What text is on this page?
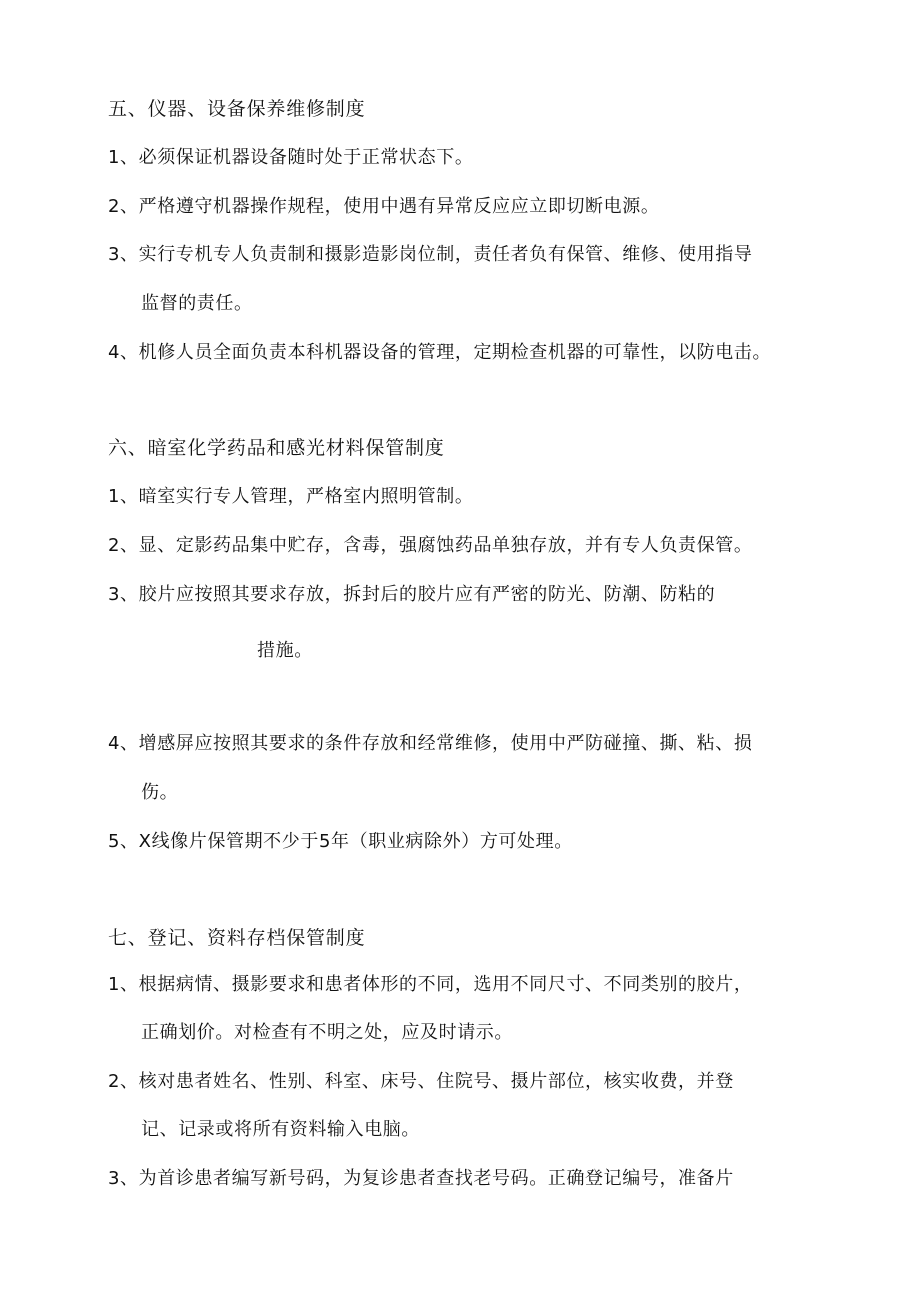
五、仪器、设备保养维修制度
1、必须保证机器设备随时处于正常状态下。
2、严格遵守机器操作规程，使用中遇有异常反应应立即切断电源。
3、实行专机专人负责制和摄影造影岗位制，责任者负有保管、维修、使用指导
监督的责任。
4、机修人员全面负责本科机器设备的管理，定期检查机器的可靠性，以防电击。
六、暗室化学药品和感光材料保管制度
1、暗室实行专人管理，严格室内照明管制。
2、显、定影药品集中贮存，含毒，强腐蚀药品单独存放，并有专人负责保管。
3、胶片应按照其要求存放，拆封后的胶片应有严密的防光、防潮、防粘的
措施。
4、增感屏应按照其要求的条件存放和经常维修，使用中严防碰撞、撕、粘、损
伤。
5、X线像片保管期不少于5年（职业病除外）方可处理。
七、登记、资料存档保管制度
1、根据病情、摄影要求和患者体形的不同，选用不同尺寸、不同类别的胶片，
正确划价。对检查有不明之处，应及时请示。
2、核对患者姓名、性别、科室、床号、住院号、摄片部位，核实收费，并登
记、记录或将所有资料输入电脑。
3、为首诊患者编写新号码，为复诊患者查找老号码。正确登记编号，准备片
